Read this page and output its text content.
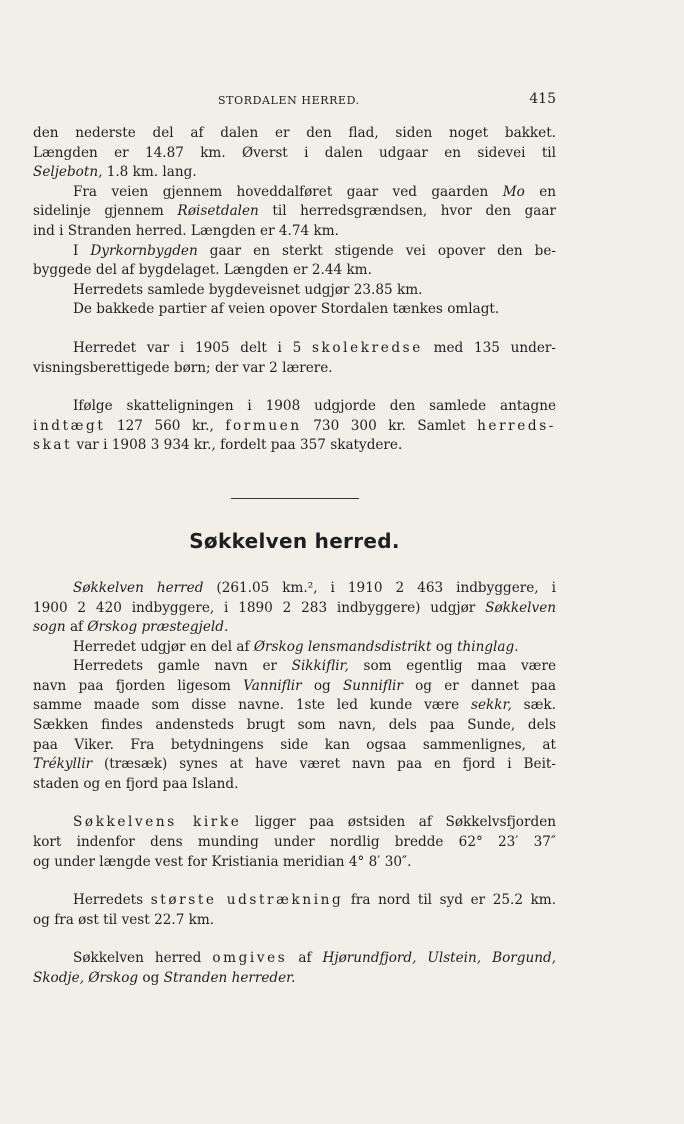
STORDALEN HERRED.	415

den nederste del af dalen er den flad, siden noget bakket.
Længden er 14.87 km. Øverst i dalen udgaar en sidevei til
Seljebotn, 1.8 km. lang.

Fra veien gjennem hoveddalføret gaar ved gaarden Mo en
sidelinje gjennem Røisetdalen til herredsgrændsen, hvor den gaar
ind i Stranden herred. Længden er 4.74 km.

I Dyrkornbygden gaar en sterkt stigende vei opover den be-
byggede del af bygdelaget. Længden er 2.44 km.

Herredets samlede bygdeveisnet udgjør 23.85 km.

De bakkede partier af veien opover Stordalen tænkes omlagt.

Herredet var i 1905 delt i 5 skolekredse med 135 under-
visningsberettigede børn; der var 2 lærere.

Ifølge skatteligningen i 1908 udgjorde den samlede antagne
indtægt 127 560 kr., formuen 730 300 kr. Samlet herreds-
skat var i 1908 3 934 kr., fordelt paa 357 skatydere.

Søkkelven herred.

Søkkelven herred (261.05 km.², i 1910 2 463 indbyggere, i
1900 2 420 indbyggere, i 1890 2 283 indbyggere) udgjør Søkkelven
sogn af Ørskog præstegjeld.

Herredet udgjør en del af Ørskog lensmandsdistrikt og thinglag.

Herredets gamle navn er Sikkiflir, som egentlig maa være
navn paa fjorden ligesom Vanniflir og Sunniflir og er dannet paa
samme maade som disse navne. 1ste led kunde være sekkr, sæk.
Sækken findes andensteds brugt som navn, dels paa Sunde, dels
paa Viker. Fra betydningens side kan ogsaa sammenlignes, at
Trékyllir (træsæk) synes at have været navn paa en fjord i Beit-
staden og en fjord paa Island.

Søkkelvens kirke ligger paa østsiden af Søkkelvsfjorden
kort indenfor dens munding under nordlig bredde 62° 23′ 37″
og under længde vest for Kristiania meridian 4° 8′ 30″.

Herredets største udstrækning fra nord til syd er 25.2 km.
og fra øst til vest 22.7 km.

Søkkelven herred omgives af Hjørundfjord, Ulstein, Borgund,
Skodje, Ørskog og Stranden herreder.
